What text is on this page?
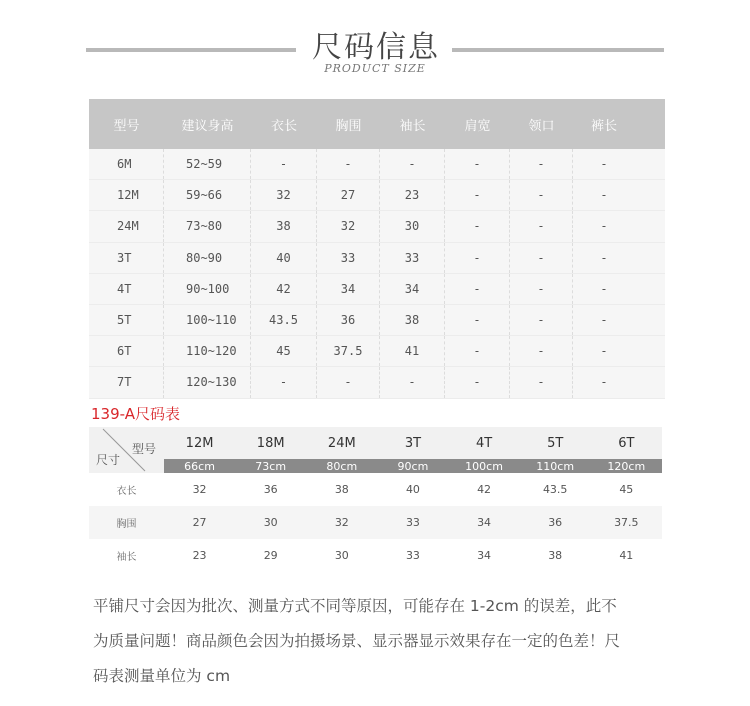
尺码信息
PRODUCT SIZE
型号	建议身高	衣长	胸围	袖长	肩宽	领口	裤长
6M	52~59	-	-	-	-	-	-
12M	59~66	32	27	23	-	-	-
24M	73~80	38	32	30	-	-	-
3T	80~90	40	33	33	-	-	-
4T	90~100	42	34	34	-	-	-
5T	100~110	43.5	36	38	-	-	-
6T	110~120	45	37.5	41	-	-	-
7T	120~130	-	-	-	-	-	-
139-A尺码表
型号
尺寸
12M	18M	24M	3T	4T	5T	6T
66cm	73cm	80cm	90cm	100cm	110cm	120cm
衣长	32	36	38	40	42	43.5	45
胸围	27	30	32	33	34	36	37.5
袖长	23	29	30	33	34	38	41
平铺尺寸会因为批次、测量方式不同等原因，可能存在 1-2cm 的误差，此不
为质量问题！商品颜色会因为拍摄场景、显示器显示效果存在一定的色差！尺
码表测量单位为 cm
